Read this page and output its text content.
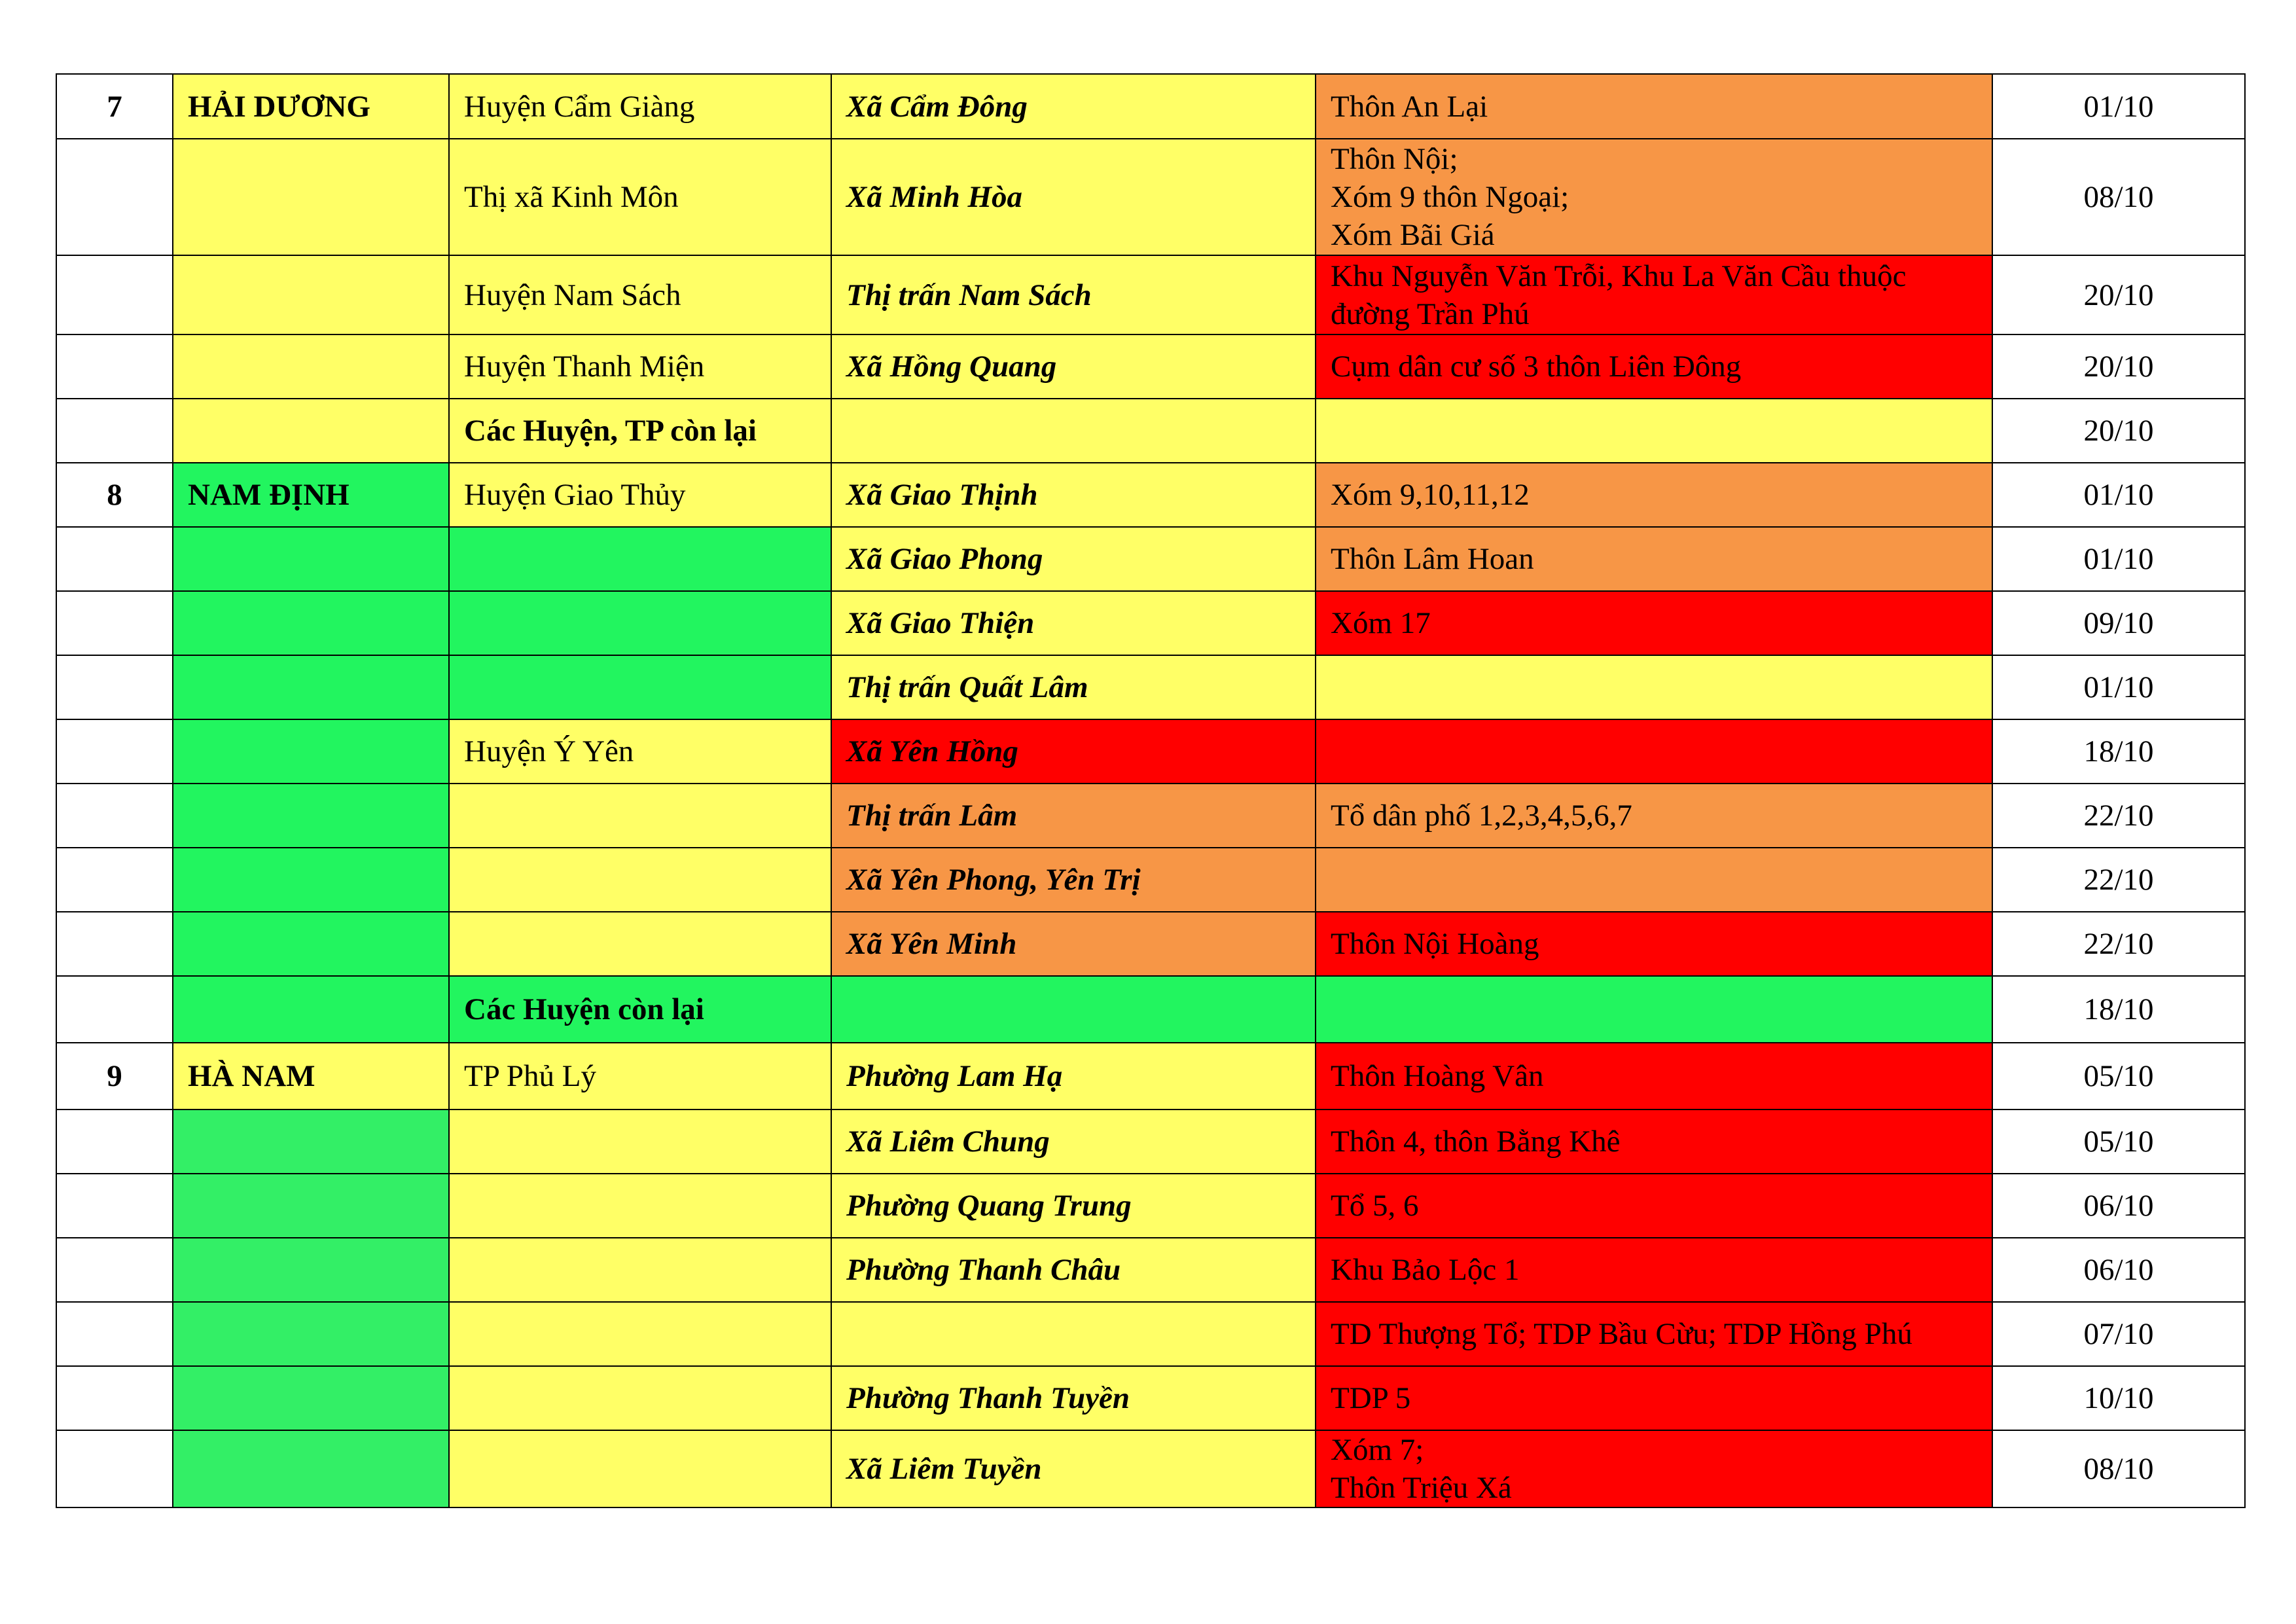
7	HẢI DƯƠNG	Huyện Cẩm Giàng	Xã Cẩm Đông	Thôn An Lại	01/10
		Thị xã Kinh Môn	Xã Minh Hòa	Thôn Nội;
Xóm 9 thôn Ngoại;
Xóm Bãi Giá	08/10
		Huyện Nam Sách	Thị trấn Nam Sách	Khu Nguyễn Văn Trỗi, Khu La Văn Cầu thuộc
đường Trần Phú	20/10
		Huyện Thanh Miện	Xã Hồng Quang	Cụm dân cư số 3 thôn Liên Đông	20/10
		Các Huyện, TP còn lại			20/10
8	NAM ĐỊNH	Huyện Giao Thủy	Xã Giao Thịnh	Xóm 9,10,11,12	01/10
			Xã Giao Phong	Thôn Lâm Hoan	01/10
			Xã Giao Thiện	Xóm 17	09/10
			Thị trấn Quất Lâm		01/10
		Huyện Ý Yên	Xã Yên Hồng		18/10
			Thị trấn Lâm	Tổ dân phố 1,2,3,4,5,6,7	22/10
			Xã Yên Phong, Yên Trị		22/10
			Xã Yên Minh	Thôn Nội Hoàng	22/10
		Các Huyện còn lại			18/10
9	HÀ NAM	TP Phủ Lý	Phường Lam Hạ	Thôn Hoàng Vân	05/10
			Xã Liêm Chung	Thôn 4, thôn Bằng Khê	05/10
			Phường Quang Trung	Tổ 5, 6	06/10
			Phường Thanh Châu	Khu Bảo Lộc 1	06/10

				TD Thượng Tổ; TDP Bầu Cừu; TDP Hồng Phú	07/10
			Phường Thanh Tuyền	TDP 5	10/10
			Xã Liêm Tuyền	Xóm 7;
Thôn Triệu Xá	08/10
